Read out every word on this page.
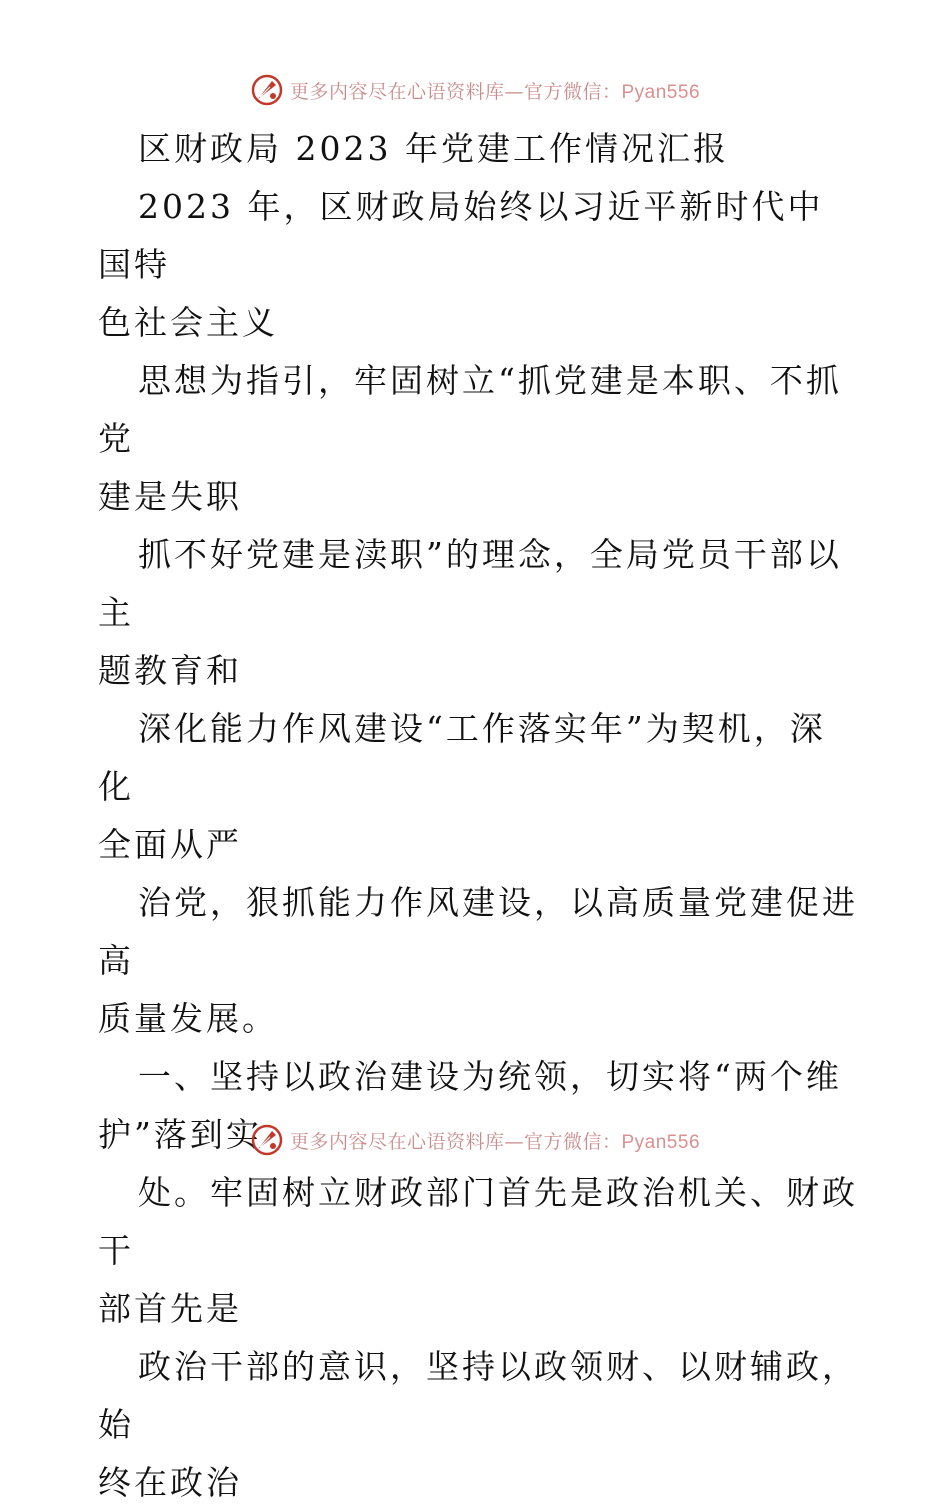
更多内容尽在心语资料库—官方微信：Pyan556

区财政局 2023 年党建工作情况汇报

2023 年，区财政局始终以习近平新时代中国特

色社会主义

思想为指引，牢固树立“抓党建是本职、不抓党

建是失职

抓不好党建是渎职”的理念，全局党员干部以主

题教育和

深化能力作风建设“工作落实年”为契机，深化

全面从严

治党，狠抓能力作风建设，以高质量党建促进高

质量发展。

一、坚持以政治建设为统领，切实将“两个维

护”落到实

处。牢固树立财政部门首先是政治机关、财政干

部首先是

政治干部的意识，坚持以政领财、以财辅政，始

终在政治

更多内容尽在心语资料库—官方微信：Pyan556
